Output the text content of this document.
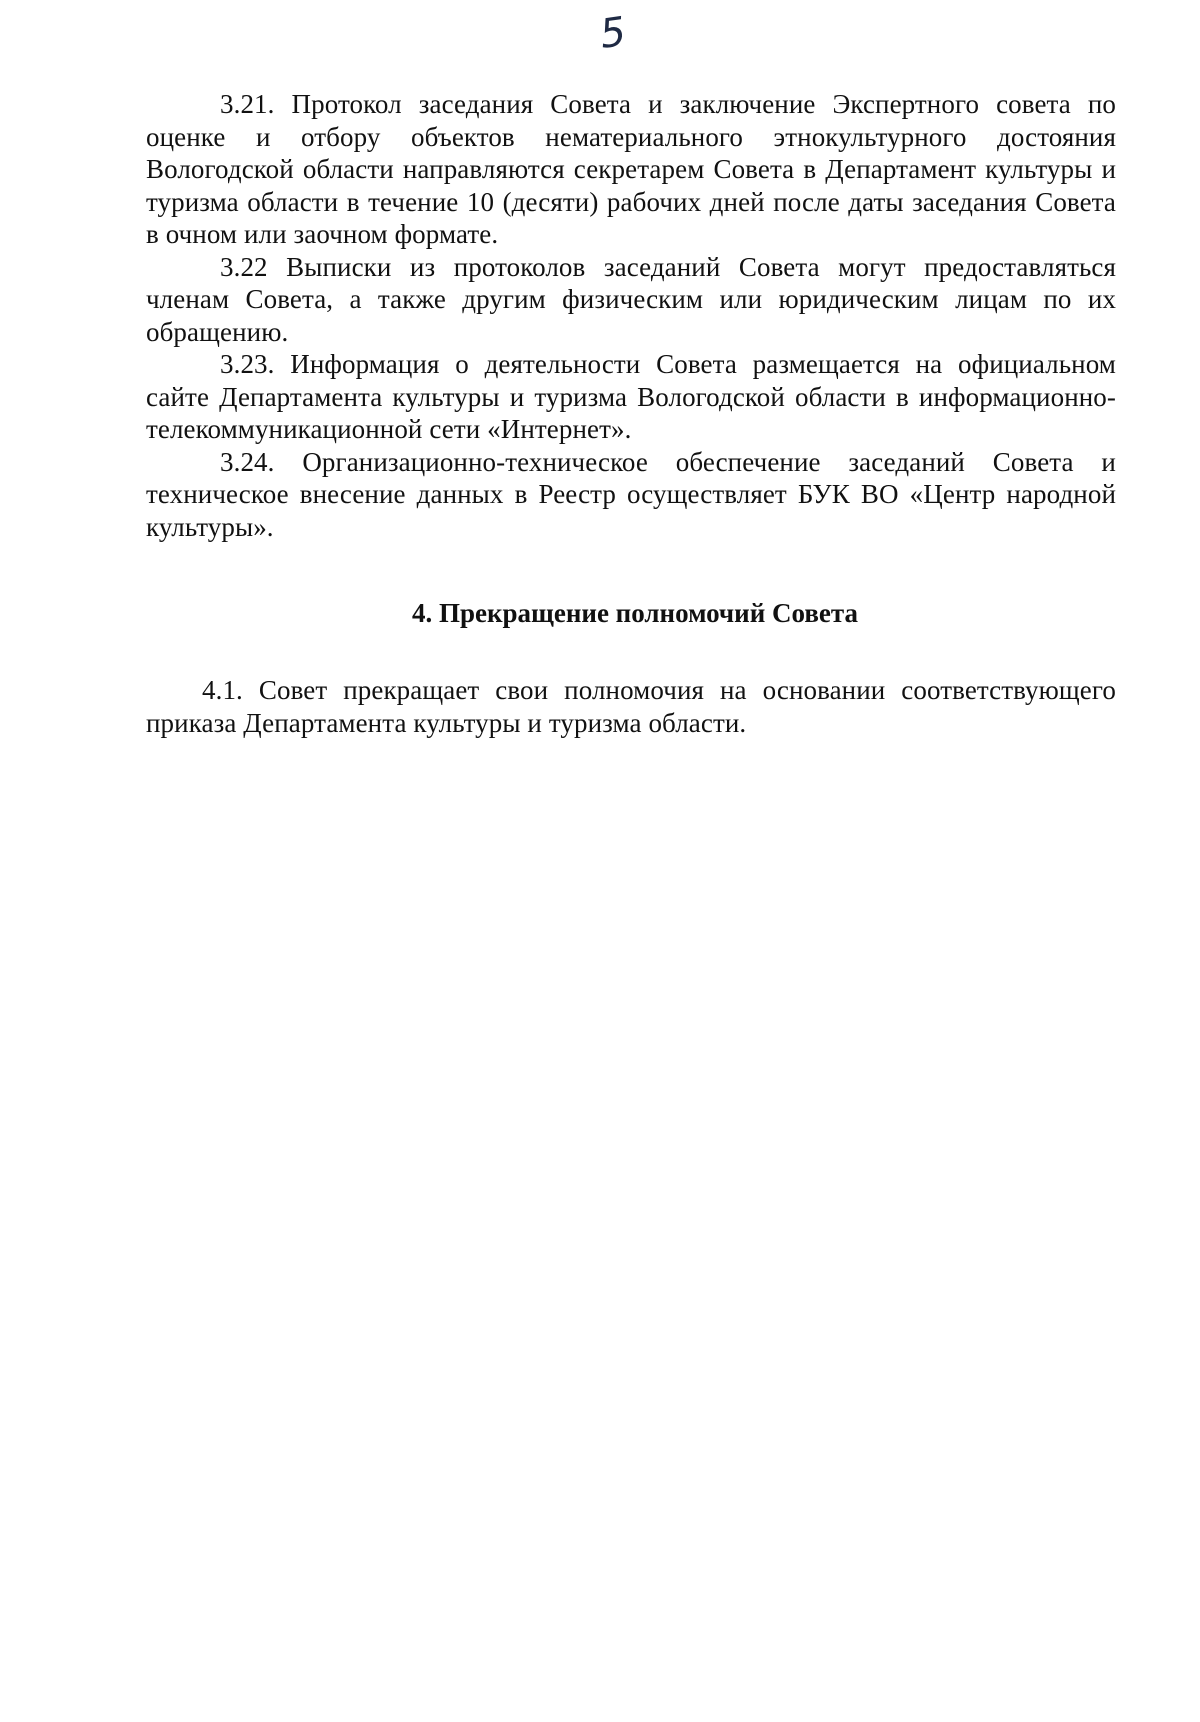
5

3.21. Протокол заседания Совета и заключение Экспертного совета по оценке и отбору объектов нематериального этнокультурного достояния Вологодской области направляются секретарем Совета в Департамент культуры и туризма области в течение 10 (десяти) рабочих дней после даты заседания Совета в очном или заочном формате.

3.22 Выписки из протоколов заседаний Совета могут предоставляться членам Совета, а также другим физическим или юридическим лицам по их обращению.

3.23. Информация о деятельности Совета размещается на официальном сайте Департамента культуры и туризма Вологодской области в информационно-телекоммуникационной сети «Интернет».

3.24. Организационно-техническое обеспечение заседаний Совета и техническое внесение данных в Реестр осуществляет БУК ВО «Центр народной культуры».

4. Прекращение полномочий Совета

4.1. Совет прекращает свои полномочия на основании соответствующего приказа Департамента культуры и туризма области.
